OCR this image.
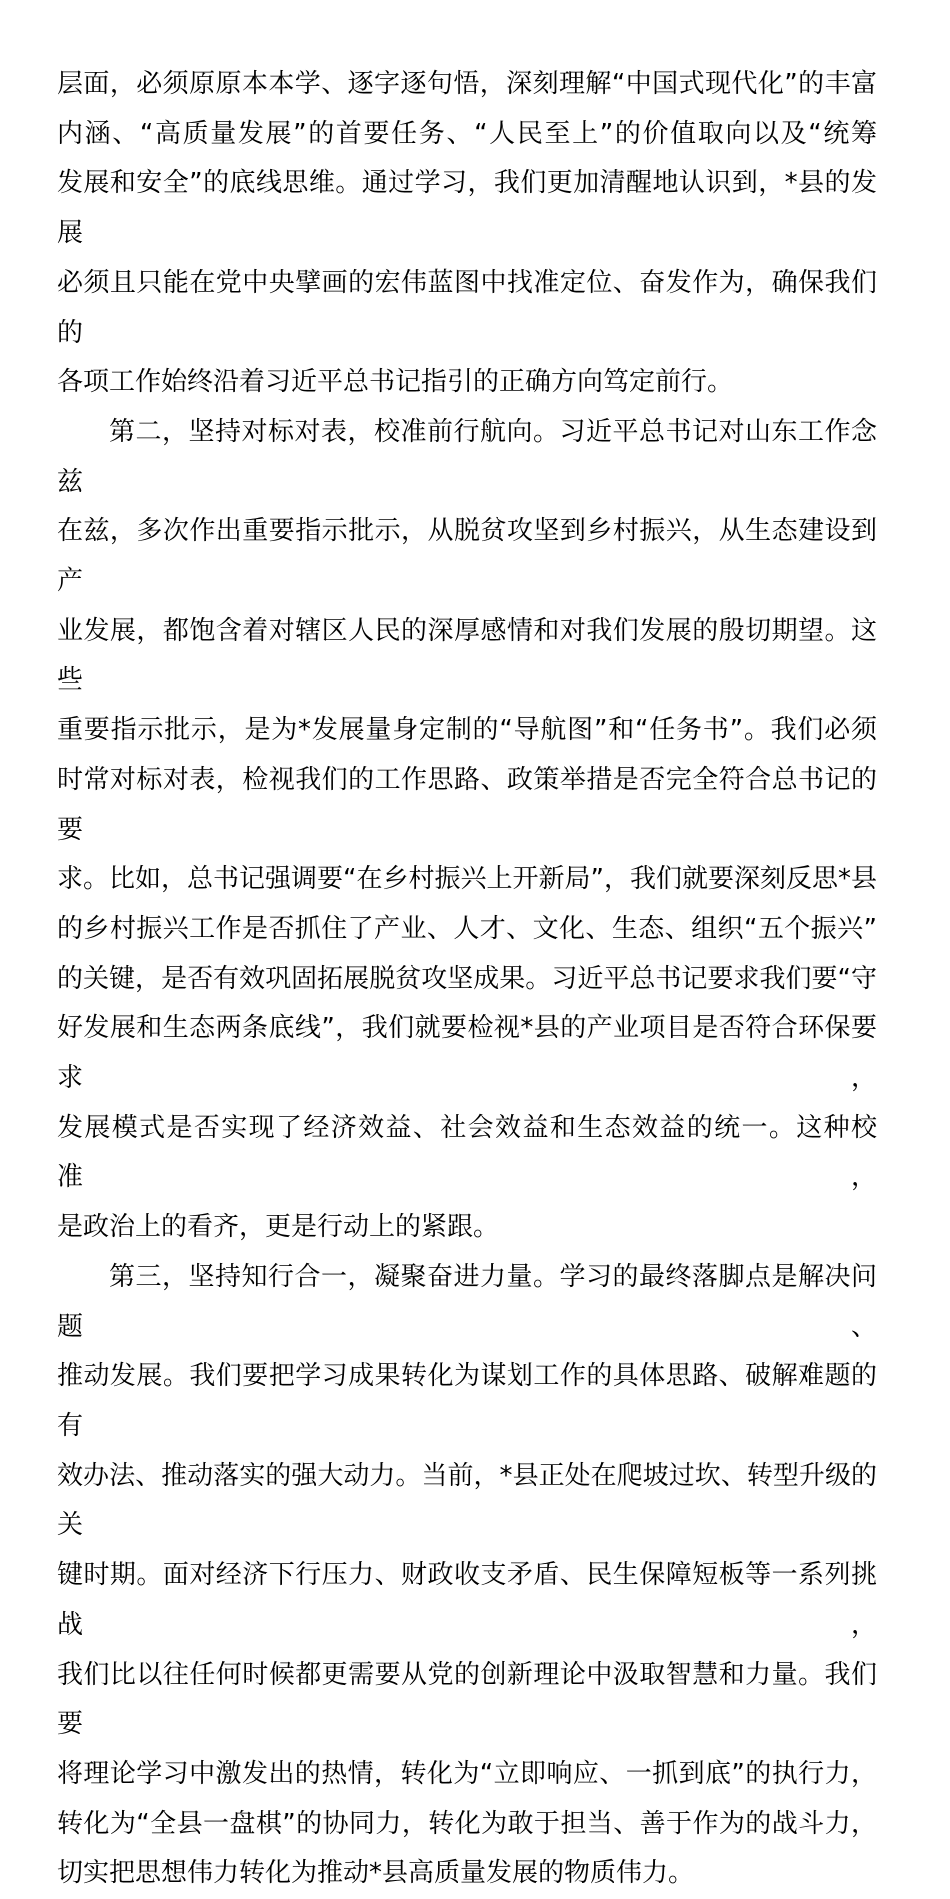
层面，必须原原本本学、逐字逐句悟，深刻理解“中国式现代化”的丰富
内涵、“高质量发展”的首要任务、“人民至上”的价值取向以及“统筹
发展和安全”的底线思维。通过学习，我们更加清醒地认识到，*县的发展
必须且只能在党中央擘画的宏伟蓝图中找准定位、奋发作为，确保我们的
各项工作始终沿着习近平总书记指引的正确方向笃定前行。
第二，坚持对标对表，校准前行航向。习近平总书记对山东工作念兹
在兹，多次作出重要指示批示，从脱贫攻坚到乡村振兴，从生态建设到产
业发展，都饱含着对辖区人民的深厚感情和对我们发展的殷切期望。这些
重要指示批示，是为*发展量身定制的“导航图”和“任务书”。我们必须
时常对标对表，检视我们的工作思路、政策举措是否完全符合总书记的要
求。比如，总书记强调要“在乡村振兴上开新局”，我们就要深刻反思*县
的乡村振兴工作是否抓住了产业、人才、文化、生态、组织“五个振兴”
的关键，是否有效巩固拓展脱贫攻坚成果。习近平总书记要求我们要“守
好发展和生态两条底线”，我们就要检视*县的产业项目是否符合环保要求，
发展模式是否实现了经济效益、社会效益和生态效益的统一。这种校准，
是政治上的看齐，更是行动上的紧跟。
第三，坚持知行合一，凝聚奋进力量。学习的最终落脚点是解决问题、
推动发展。我们要把学习成果转化为谋划工作的具体思路、破解难题的有
效办法、推动落实的强大动力。当前，*县正处在爬坡过坎、转型升级的关
键时期。面对经济下行压力、财政收支矛盾、民生保障短板等一系列挑战，
我们比以往任何时候都更需要从党的创新理论中汲取智慧和力量。我们要
将理论学习中激发出的热情，转化为“立即响应、一抓到底”的执行力，
转化为“全县一盘棋”的协同力，转化为敢于担当、善于作为的战斗力，
切实把思想伟力转化为推动*县高质量发展的物质伟力。
